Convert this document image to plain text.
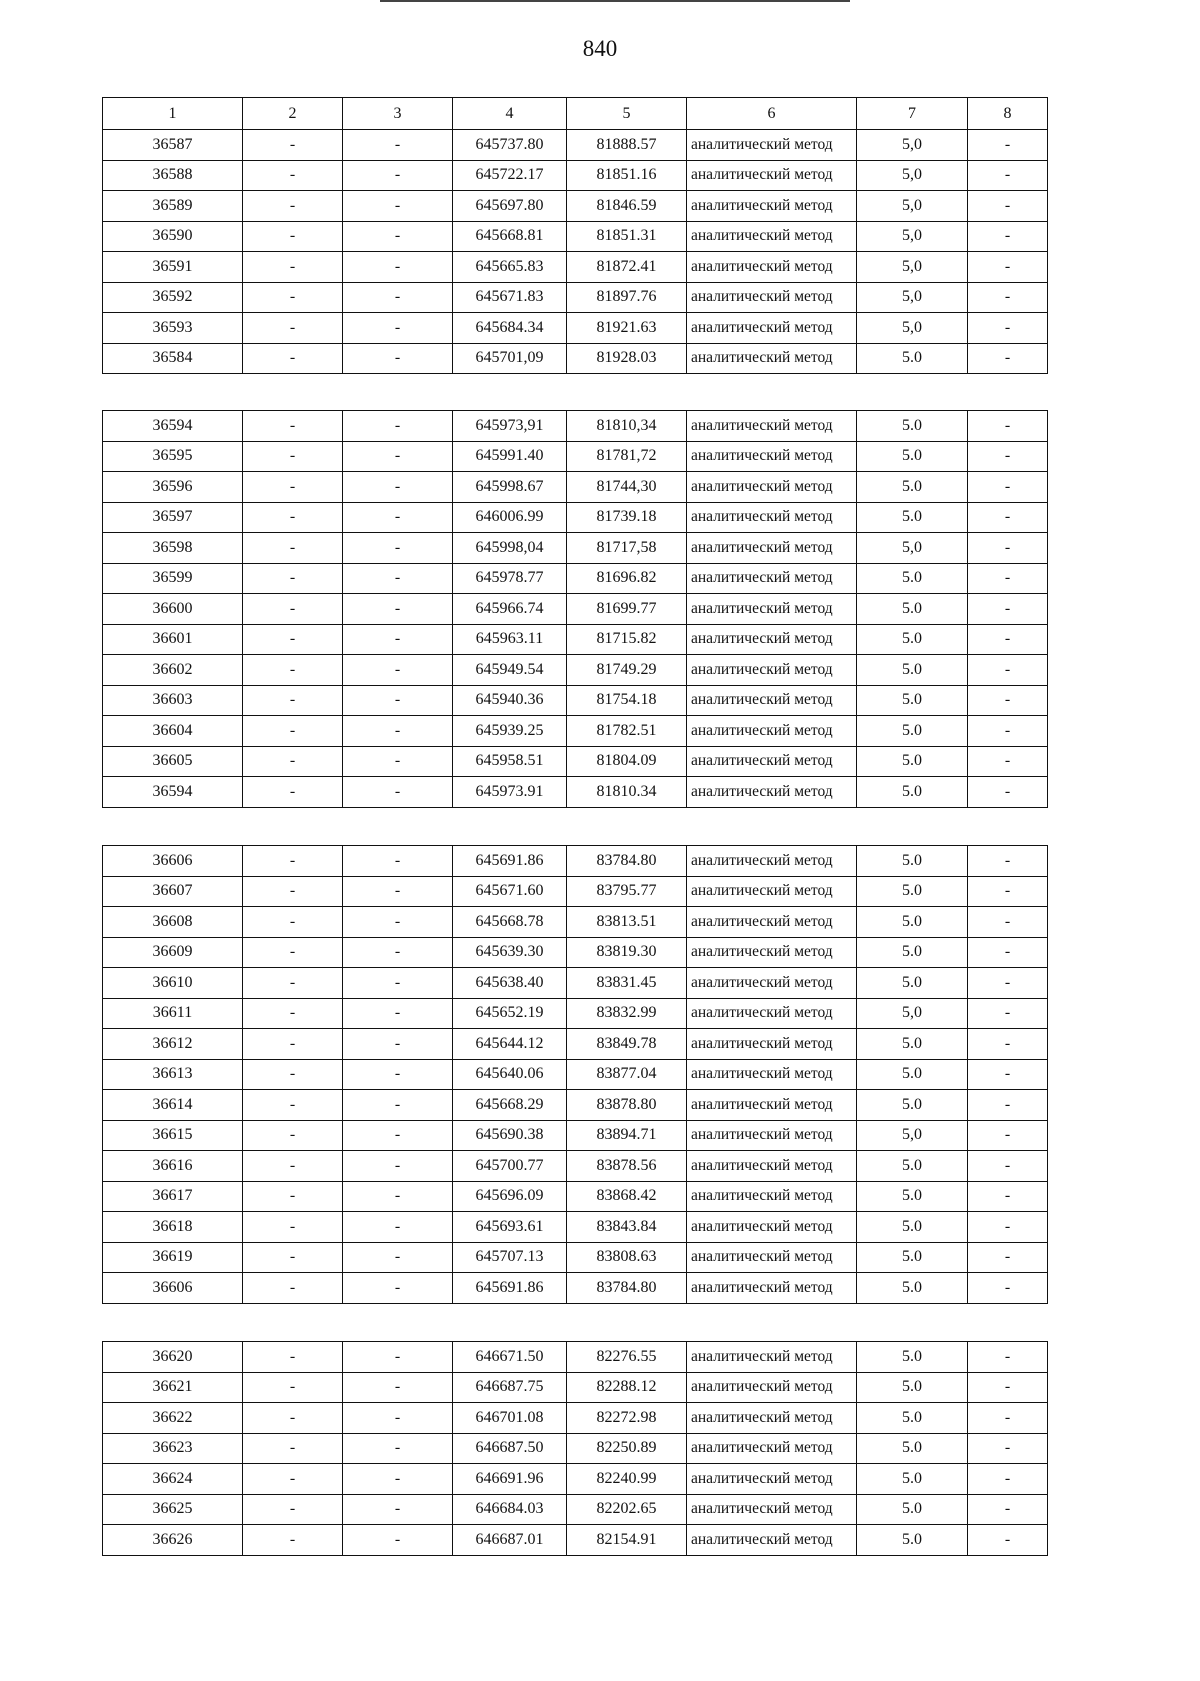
840
1	2	3	4	5	6	7	8
36587	-	-	645737.80	81888.57	аналитический метод	5,0	-
36588	-	-	645722.17	81851.16	аналитический метод	5,0	-
36589	-	-	645697.80	81846.59	аналитический метод	5,0	-
36590	-	-	645668.81	81851.31	аналитический метод	5,0	-
36591	-	-	645665.83	81872.41	аналитический метод	5,0	-
36592	-	-	645671.83	81897.76	аналитический метод	5,0	-
36593	-	-	645684.34	81921.63	аналитический метод	5,0	-
36584	-	-	645701,09	81928.03	аналитический метод	5.0	-
36594	-	-	645973,91	81810,34	аналитический метод	5.0	-
36595	-	-	645991.40	81781,72	аналитический метод	5.0	-
36596	-	-	645998.67	81744,30	аналитический метод	5.0	-
36597	-	-	646006.99	81739.18	аналитический метод	5.0	-
36598	-	-	645998,04	81717,58	аналитический метод	5,0	-
36599	-	-	645978.77	81696.82	аналитический метод	5.0	-
36600	-	-	645966.74	81699.77	аналитический метод	5.0	-
36601	-	-	645963.11	81715.82	аналитический метод	5.0	-
36602	-	-	645949.54	81749.29	аналитический метод	5.0	-
36603	-	-	645940.36	81754.18	аналитический метод	5.0	-
36604	-	-	645939.25	81782.51	аналитический метод	5.0	-
36605	-	-	645958.51	81804.09	аналитический метод	5.0	-
36594	-	-	645973.91	81810.34	аналитический метод	5.0	-
36606	-	-	645691.86	83784.80	аналитический метод	5.0	-
36607	-	-	645671.60	83795.77	аналитический метод	5.0	-
36608	-	-	645668.78	83813.51	аналитический метод	5.0	-
36609	-	-	645639.30	83819.30	аналитический метод	5.0	-
36610	-	-	645638.40	83831.45	аналитический метод	5.0	-
36611	-	-	645652.19	83832.99	аналитический метод	5,0	-
36612	-	-	645644.12	83849.78	аналитический метод	5.0	-
36613	-	-	645640.06	83877.04	аналитический метод	5.0	-
36614	-	-	645668.29	83878.80	аналитический метод	5.0	-
36615	-	-	645690.38	83894.71	аналитический метод	5,0	-
36616	-	-	645700.77	83878.56	аналитический метод	5.0	-
36617	-	-	645696.09	83868.42	аналитический метод	5.0	-
36618	-	-	645693.61	83843.84	аналитический метод	5.0	-
36619	-	-	645707.13	83808.63	аналитический метод	5.0	-
36606	-	-	645691.86	83784.80	аналитический метод	5.0	-
36620	-	-	646671.50	82276.55	аналитический метод	5.0	-
36621	-	-	646687.75	82288.12	аналитический метод	5.0	-
36622	-	-	646701.08	82272.98	аналитический метод	5.0	-
36623	-	-	646687.50	82250.89	аналитический метод	5.0	-
36624	-	-	646691.96	82240.99	аналитический метод	5.0	-
36625	-	-	646684.03	82202.65	аналитический метод	5.0	-
36626	-	-	646687.01	82154.91	аналитический метод	5.0	-
